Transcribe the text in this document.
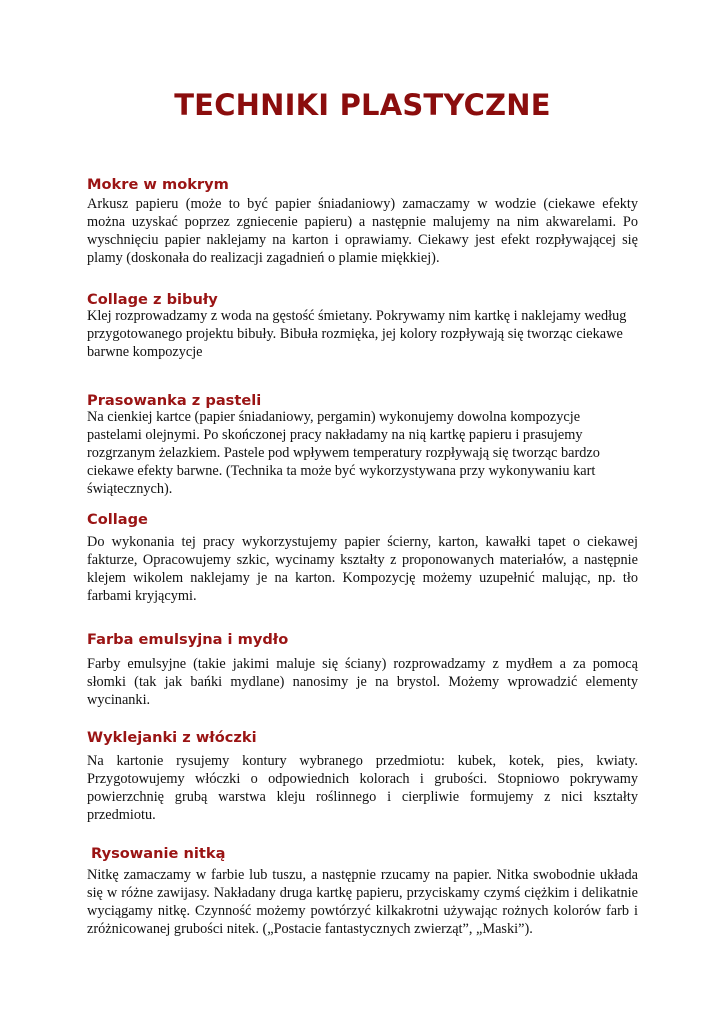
TECHNIKI PLASTYCZNE
Mokre w mokrym

Arkusz papieru (może to być papier śniadaniowy) zamaczamy w wodzie (ciekawe efekty można uzyskać poprzez zgniecenie papieru) a następnie malujemy na nim akwarelami. Po wyschnięciu papier naklejamy na karton i oprawiamy. Ciekawy jest efekt rozpływającej się plamy (doskonała do realizacji zagadnień o plamie miękkiej).

Collage z bibuły

Klej rozprowadzamy z woda na gęstość śmietany. Pokrywamy nim kartkę i naklejamy według przygotowanego projektu bibuły. Bibuła rozmięka, jej kolory rozpływają się tworząc ciekawe barwne kompozycje

Prasowanka z pasteli

Na cienkiej kartce (papier śniadaniowy, pergamin) wykonujemy dowolna kompozycje pastelami olejnymi. Po skończonej pracy nakładamy na nią kartkę papieru i prasujemy rozgrzanym żelazkiem. Pastele pod wpływem temperatury rozpływają się tworząc bardzo ciekawe efekty barwne. (Technika ta może być wykorzystywana przy wykonywaniu kart świątecznych).

Collage

Do wykonania tej pracy wykorzystujemy papier ścierny, karton, kawałki tapet o ciekawej fakturze, Opracowujemy szkic, wycinamy kształty z proponowanych materiałów, a następnie klejem wikolem naklejamy je na karton. Kompozycję możemy uzupełnić malując, np. tło farbami kryjącymi.

Farba emulsyjna i mydło

Farby emulsyjne (takie jakimi maluje się ściany) rozprowadzamy z mydłem a za pomocą słomki (tak jak bańki mydlane) nanosimy je na brystol. Możemy wprowadzić elementy wycinanki.

Wyklejanki z włóczki

Na kartonie rysujemy kontury wybranego przedmiotu: kubek, kotek, pies, kwiaty. Przygotowujemy włóczki o odpowiednich kolorach i grubości. Stopniowo pokrywamy powierzchnię grubą warstwa kleju roślinnego i cierpliwie formujemy z nici kształty przedmiotu.

Rysowanie nitką

Nitkę zamaczamy w farbie lub tuszu, a następnie rzucamy na papier. Nitka swobodnie układa się w różne zawijasy. Nakładany druga kartkę papieru, przyciskamy czymś ciężkim i delikatnie wyciągamy nitkę. Czynność możemy powtórzyć kilkakrotni używając rożnych kolorów farb i zróżnicowanej grubości nitek. („Postacie fantastycznych zwierząt”, „Maski”).
